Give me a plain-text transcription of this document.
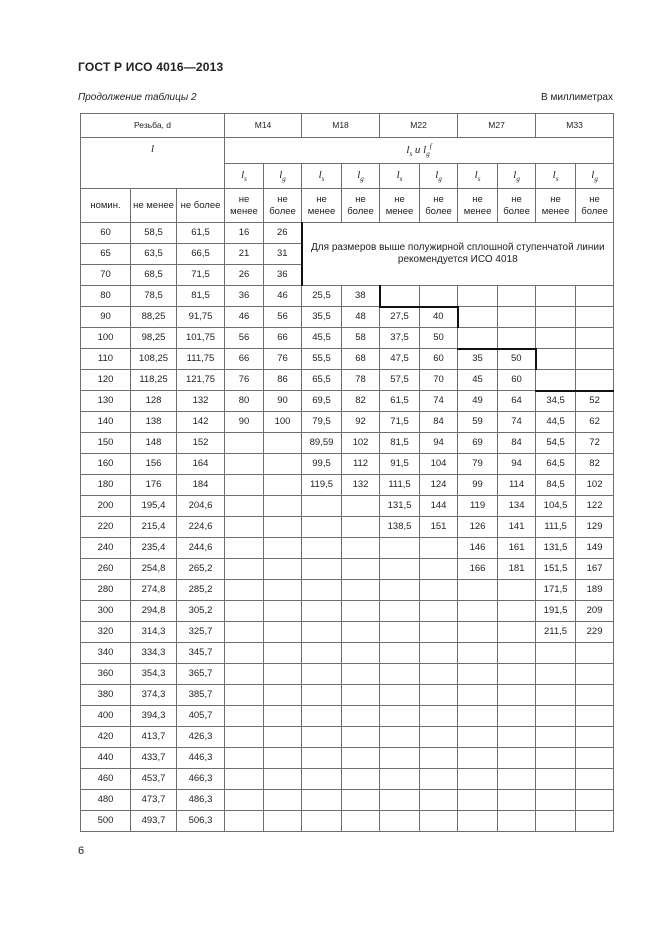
ГОСТ Р ИСО 4016—2013
Продолжение таблицы 2	В миллиметрах
Резьба, d			M14		M18		M22		M27		M33	
l			$l_s$ и $l_g^f$
			$l_s$	$l_g$	$l_s$	$l_g$	$l_s$	$l_g$	$l_s$	$l_g$	$l_s$	$l_g$
номин.	не менее	не более	не менее	не более	не менее	не более	не менее	не более	не менее	не более	не менее	не более
60	58,5	61,5	16	26	Для размеров выше полужирной сплошной ступенчатой линии рекомендуется ИСО 4018							
65	63,5	66,5	21	31								
70	68,5	71,5	26	36								
80	78,5	81,5	36	46	25,5	38						
90	88,25	91,75	46	56	35,5	48	27,5	40				
100	98,25	101,75	56	66	45,5	58	37,5	50				
110	108,25	111,75	66	76	55,5	68	47,5	60	35	50		
120	118,25	121,75	76	86	65,5	78	57,5	70	45	60		
130	128	132	80	90	69,5	82	61,5	74	49	64	34,5	52
140	138	142	90	100	79,5	92	71,5	84	59	74	44,5	62
150	148	152			89,59	102	81,5	94	69	84	54,5	72
160	156	164			99,5	112	91,5	104	79	94	64,5	82
180	176	184			119,5	132	111,5	124	99	114	84,5	102
200	195,4	204,6					131,5	144	119	134	104,5	122
220	215,4	224,6					138,5	151	126	141	111,5	129
240	235,4	244,6							146	161	131,5	149
260	254,8	265,2							166	181	151,5	167
280	274,8	285,2									171,5	189
300	294,8	305,2									191,5	209
320	314,3	325,7									211,5	229
340	334,3	345,7										
360	354,3	365,7										
380	374,3	385,7										
400	394,3	405,7										
420	413,7	426,3										
440	433,7	446,3										
460	453,7	466,3										
480	473,7	486,3										
500	493,7	506,3										
6
